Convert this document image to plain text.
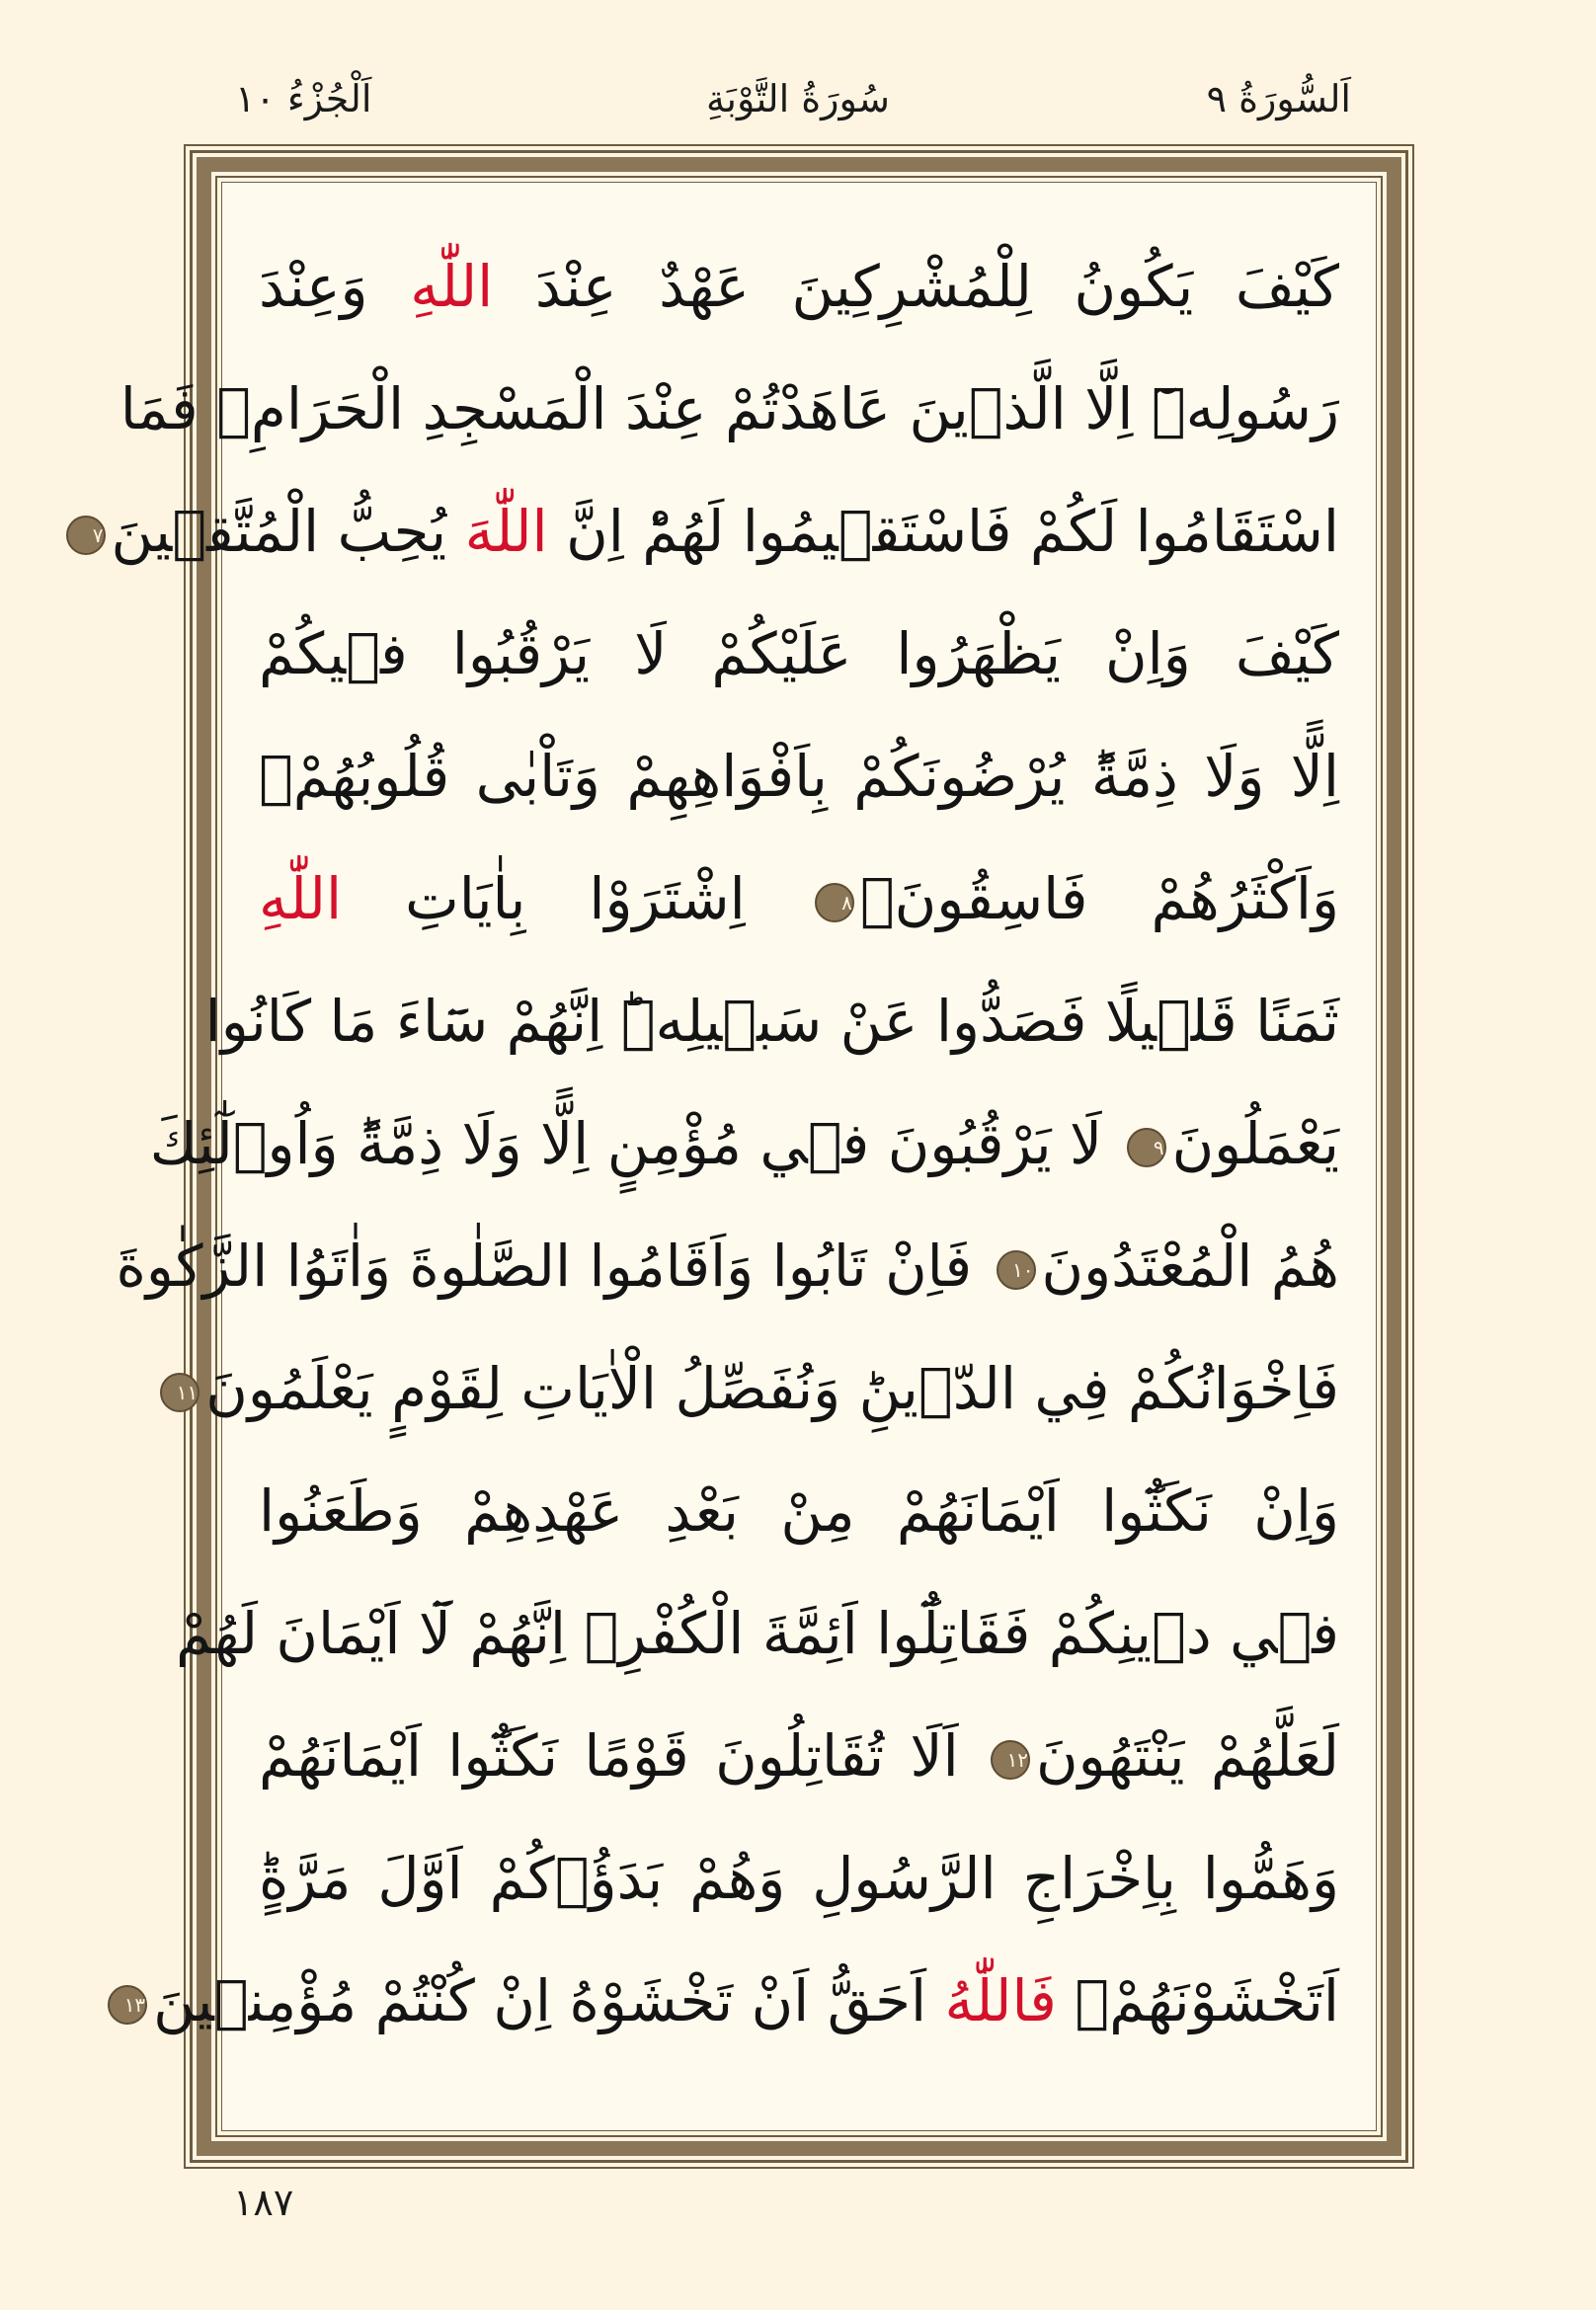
اَلسُّورَةُ ٩
سُورَةُ التَّوْبَةِ
اَلْجُزْءُ ١٠
كَيْفَ يَكُونُ لِلْمُشْرِكِينَ عَهْدٌ عِنْدَ اللّٰهِ وَعِنْدَ
رَسُولِهٖٓ اِلَّا الَّذٖينَ عَاهَدْتُمْ عِنْدَ الْمَسْجِدِ الْحَرَامِۚ فَمَا
اسْتَقَامُوا لَكُمْ فَاسْتَقٖيمُوا لَهُمْؕ اِنَّ اللّٰهَ يُحِبُّ الْمُتَّقٖينَ٧
كَيْفَ وَاِنْ يَظْهَرُوا عَلَيْكُمْ لَا يَرْقُبُوا فٖيكُمْ
اِلًّا وَلَا ذِمَّةًؕ يُرْضُونَكُمْ بِاَفْوَاهِهِمْ وَتَاْبٰى قُلُوبُهُمْۚ
وَاَكْثَرُهُمْ فَاسِقُونَۚ٨ اِشْتَرَوْا بِاٰيَاتِ اللّٰهِ
ثَمَنًا قَلٖيلًا فَصَدُّوا عَنْ سَبٖيلِهٖؕ اِنَّهُمْ سَٓاءَ مَا كَانُوا
يَعْمَلُونَ٩ لَا يَرْقُبُونَ فٖي مُؤْمِنٍ اِلًّا وَلَا ذِمَّةًؕ وَاُو۬لٰٓئِكَ
هُمُ الْمُعْتَدُونَ١٠ فَاِنْ تَابُوا وَاَقَامُوا الصَّلٰوةَ وَاٰتَوُا الزَّكٰوةَ
فَاِخْوَانُكُمْ فِي الدّٖينِؕ وَنُفَصِّلُ الْاٰيَاتِ لِقَوْمٍ يَعْلَمُونَ١١
وَاِنْ نَكَثُٓوا اَيْمَانَهُمْ مِنْ بَعْدِ عَهْدِهِمْ وَطَعَنُوا
فٖي دٖينِكُمْ فَقَاتِلُٓوا اَئِمَّةَ الْكُفْرِۙ اِنَّهُمْ لَٓا اَيْمَانَ لَهُمْ
لَعَلَّهُمْ يَنْتَهُونَ١٢ اَلَا تُقَاتِلُونَ قَوْمًا نَكَثُٓوا اَيْمَانَهُمْ
وَهَمُّوا بِاِخْرَاجِ الرَّسُولِ وَهُمْ بَدَؤُ۫كُمْ اَوَّلَ مَرَّةٍؕ
اَتَخْشَوْنَهُمْۚ فَاللّٰهُ اَحَقُّ اَنْ تَخْشَوْهُ اِنْ كُنْتُمْ مُؤْمِنٖينَ١٣
١٨٧
